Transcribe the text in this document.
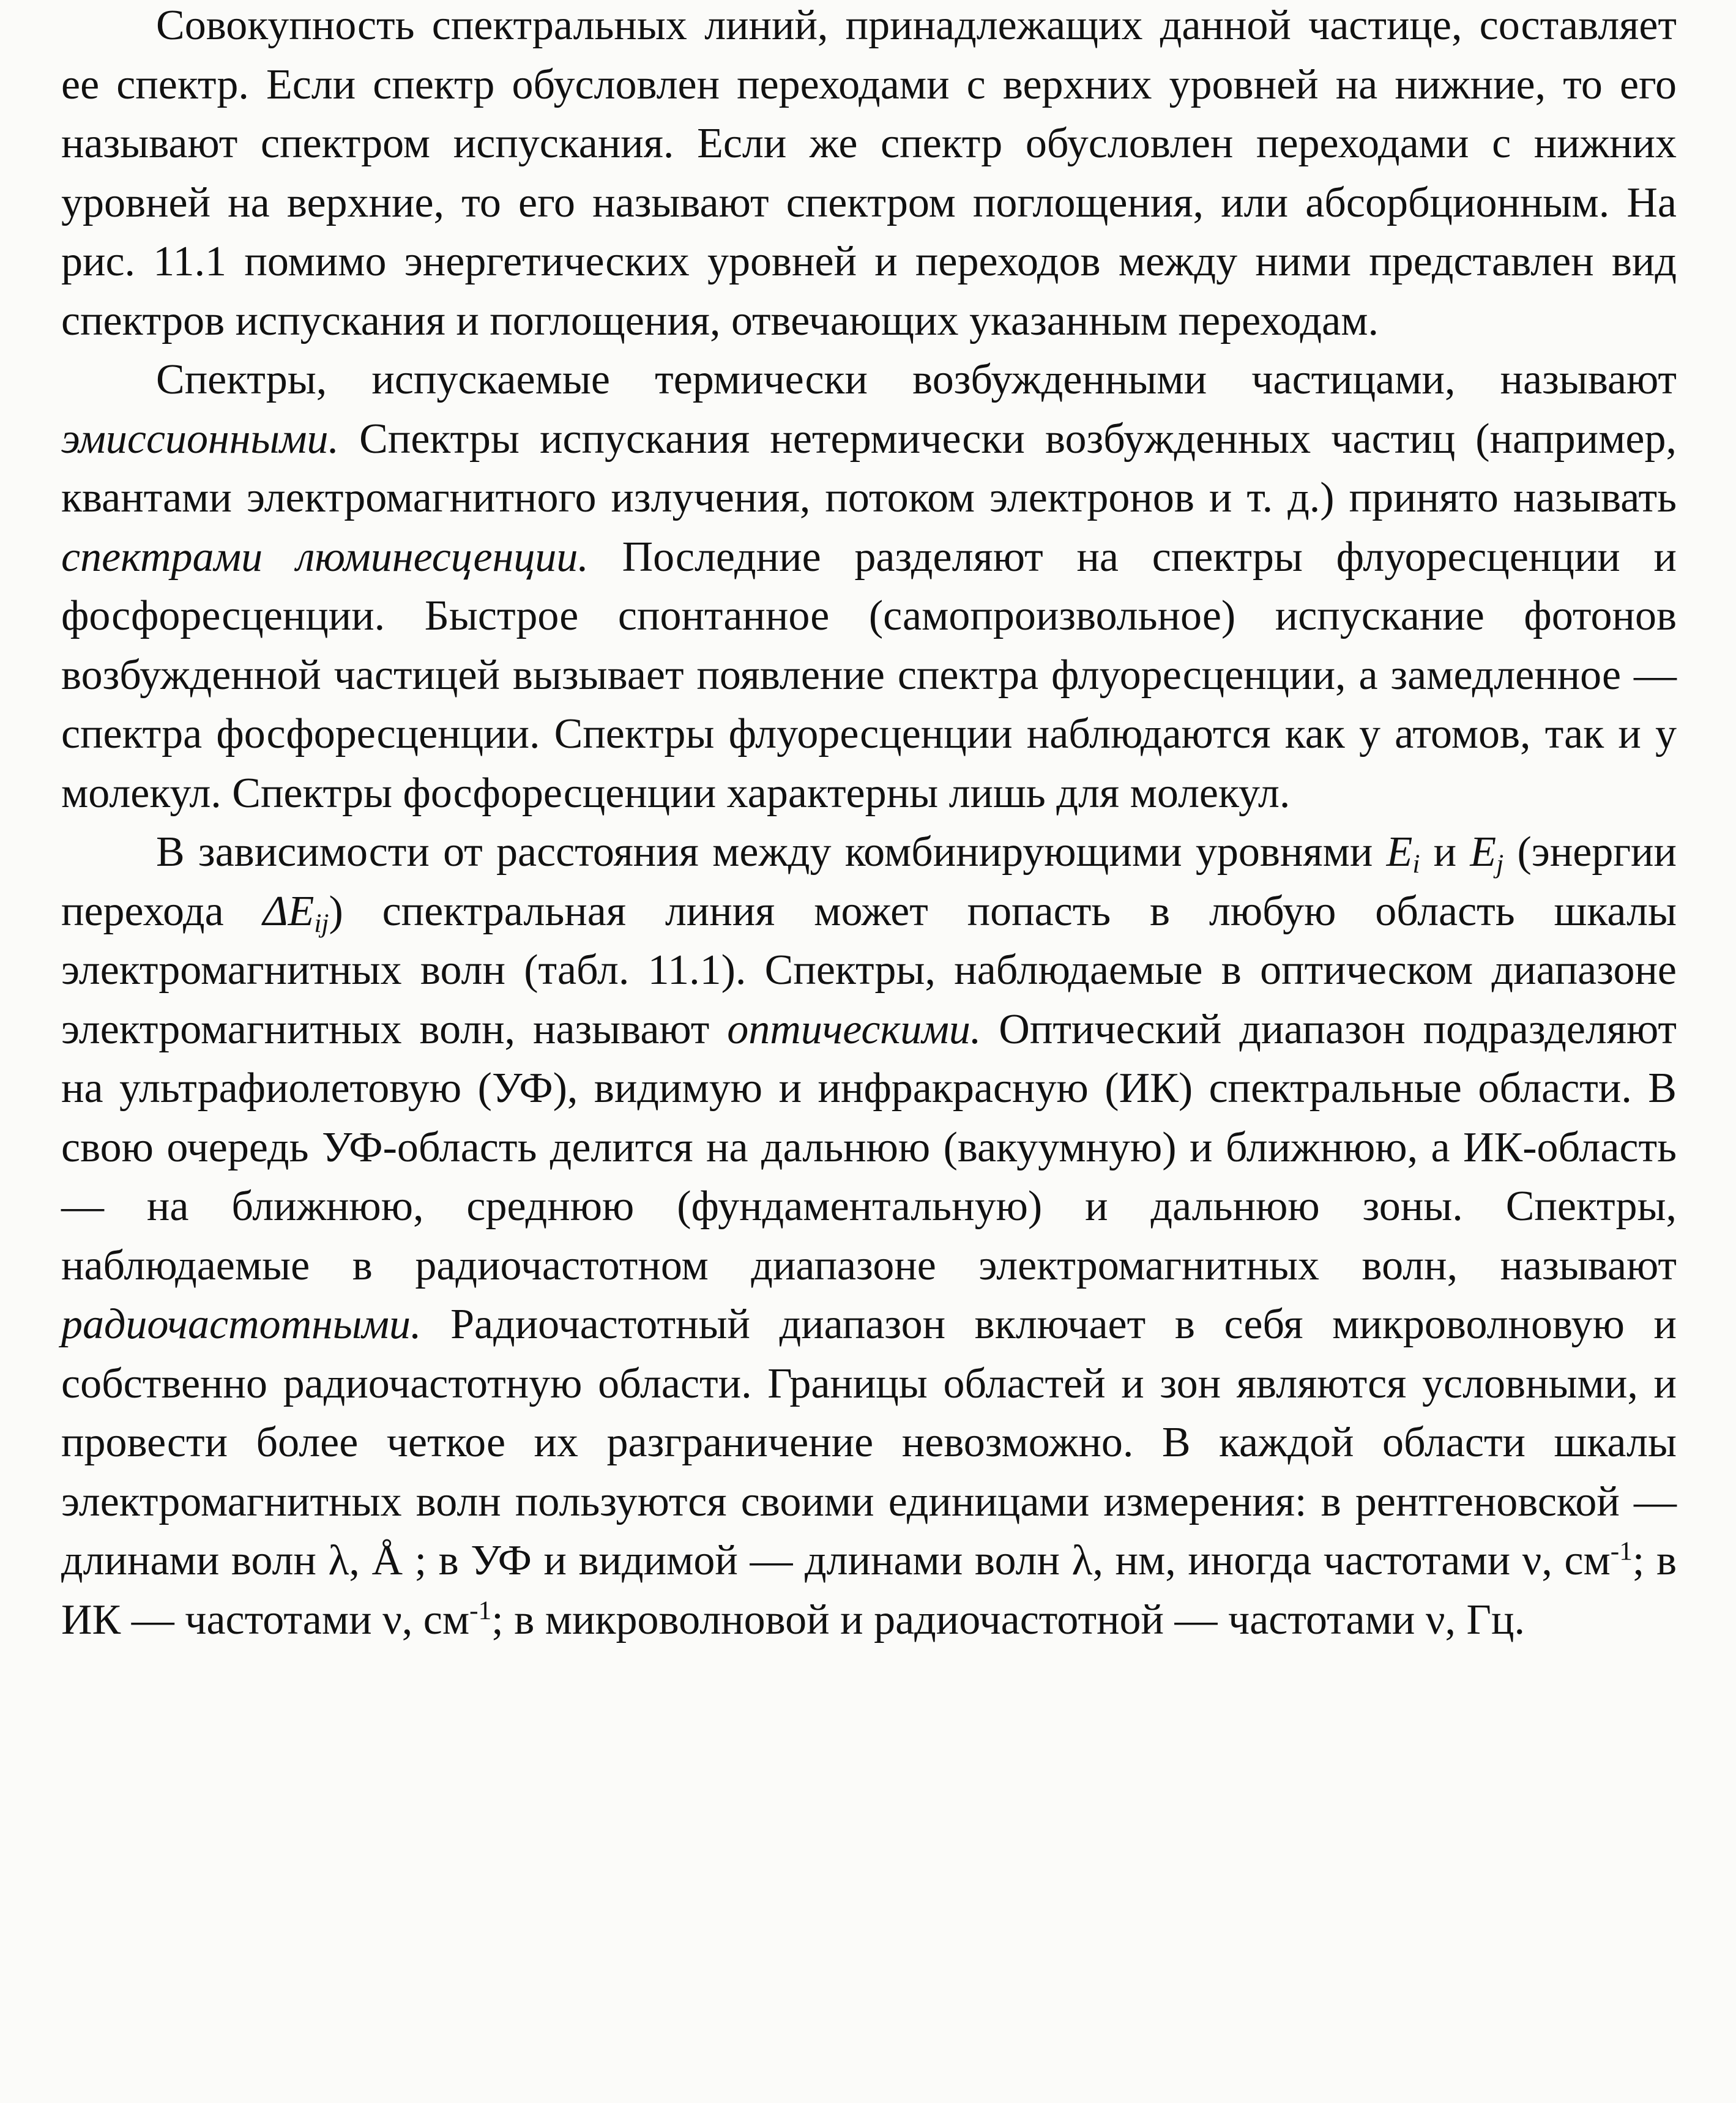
Совокупность спектральных линий, принадлежащих данной частице, составляет ее спектр. Если спектр обусловлен переходами с верхних уровней на нижние, то его называют спектром испускания. Если же спектр обусловлен переходами с нижних уровней на верхние, то его называют спектром поглощения, или абсорбционным. На рис. 11.1 помимо энергетических уровней и переходов между ними представлен вид спектров испускания и поглощения, отвечающих указанным переходам.

Спектры, испускаемые термически возбужденными частицами, называют эмиссионными. Спектры испускания нетермически возбужденных частиц (например, квантами электромагнитного излучения, потоком электронов и т. д.) принято называть спектрами люминесценции. Последние разделяют на спектры флуоресценции и фосфоресценции. Быстрое спонтанное (самопроизвольное) испускание фотонов возбужденной частицей вызывает появление спектра флуоресценции, а замедленное — спектра фосфоресценции. Спектры флуоресценции наблюдаются как у атомов, так и у молекул. Спектры фосфоресценции характерны лишь для молекул.

В зависимости от расстояния между комбинирующими уровнями $E_i$ и $E_j$ (энергии перехода $\Delta E_{ij}$) спектральная линия может попасть в любую область шкалы электромагнитных волн (табл. 11.1). Спектры, наблюдаемые в оптическом диапазоне электромагнитных волн, называют оптическими. Оптический диапазон подразделяют на ультрафиолетовую (УФ), видимую и инфракрасную (ИК) спектральные области. В свою очередь УФ-область делится на дальнюю (вакуумную) и ближнюю, а ИК-область — на ближнюю, среднюю (фундаментальную) и дальнюю зоны. Спектры, наблюдаемые в радиочастотном диапазоне электромагнитных волн, называют радиочастотными. Радиочастотный диапазон включает в себя микроволновую и собственно радиочастотную области. Границы областей и зон являются условными, и провести более четкое их разграничение невозможно. В каждой области шкалы электромагнитных волн пользуются своими единицами измерения: в рентгеновской — длинами волн λ, Å ; в УФ и видимой — длинами волн λ, нм, иногда частотами ν, $см^{-1}$; в ИК — частотами ν, $см^{-1}$; в микроволновой и радиочастотной — частотами ν, Гц.
